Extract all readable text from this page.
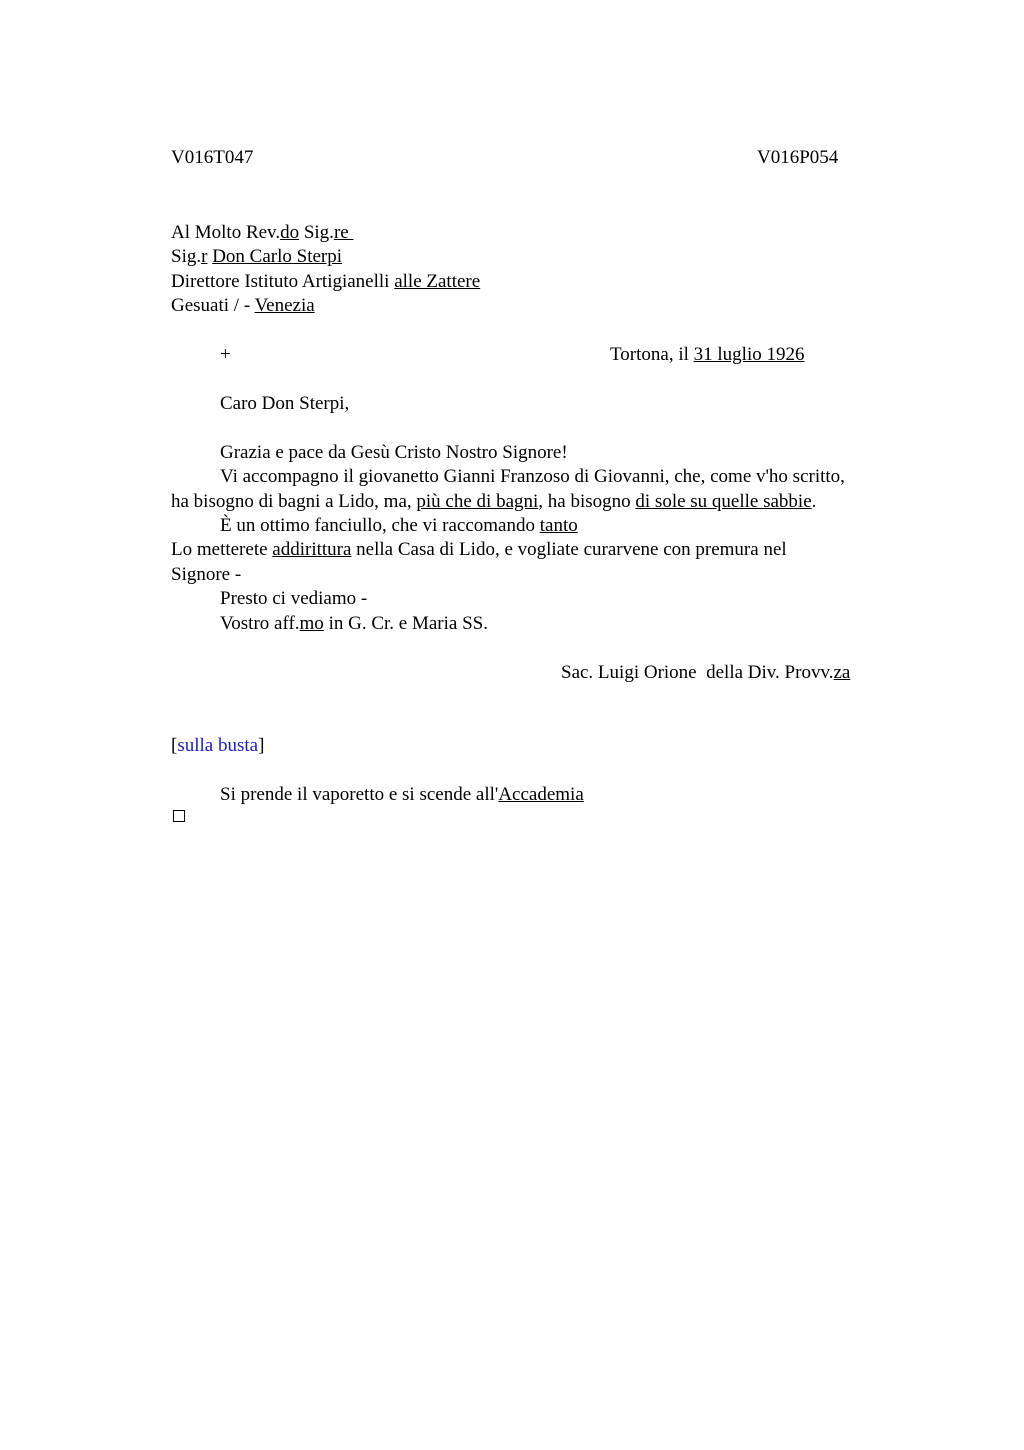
V016T047	V016P054
Al Molto Rev.do Sig.re
Sig.r Don Carlo Sterpi
Direttore Istituto Artigianelli alle Zattere
Gesuati / - Venezia
+	Tortona, il 31 luglio 1926
Caro Don Sterpi,
Grazia e pace da Gesù Cristo Nostro Signore!
Vi accompagno il giovanetto Gianni Franzoso di Giovanni, che, come v'ho scritto,
ha bisogno di bagni a Lido, ma, più che di bagni, ha bisogno di sole su quelle sabbie.
È un ottimo fanciullo, che vi raccomando tanto
Lo metterete addirittura nella Casa di Lido, e vogliate curarvene con premura nel
Signore -
Presto ci vediamo -
Vostro aff.mo in G. Cr. e Maria SS.
Sac. Luigi Orione  della Div. Provv.za
[sulla busta]
Si prende il vaporetto e si scende all'Accademia
